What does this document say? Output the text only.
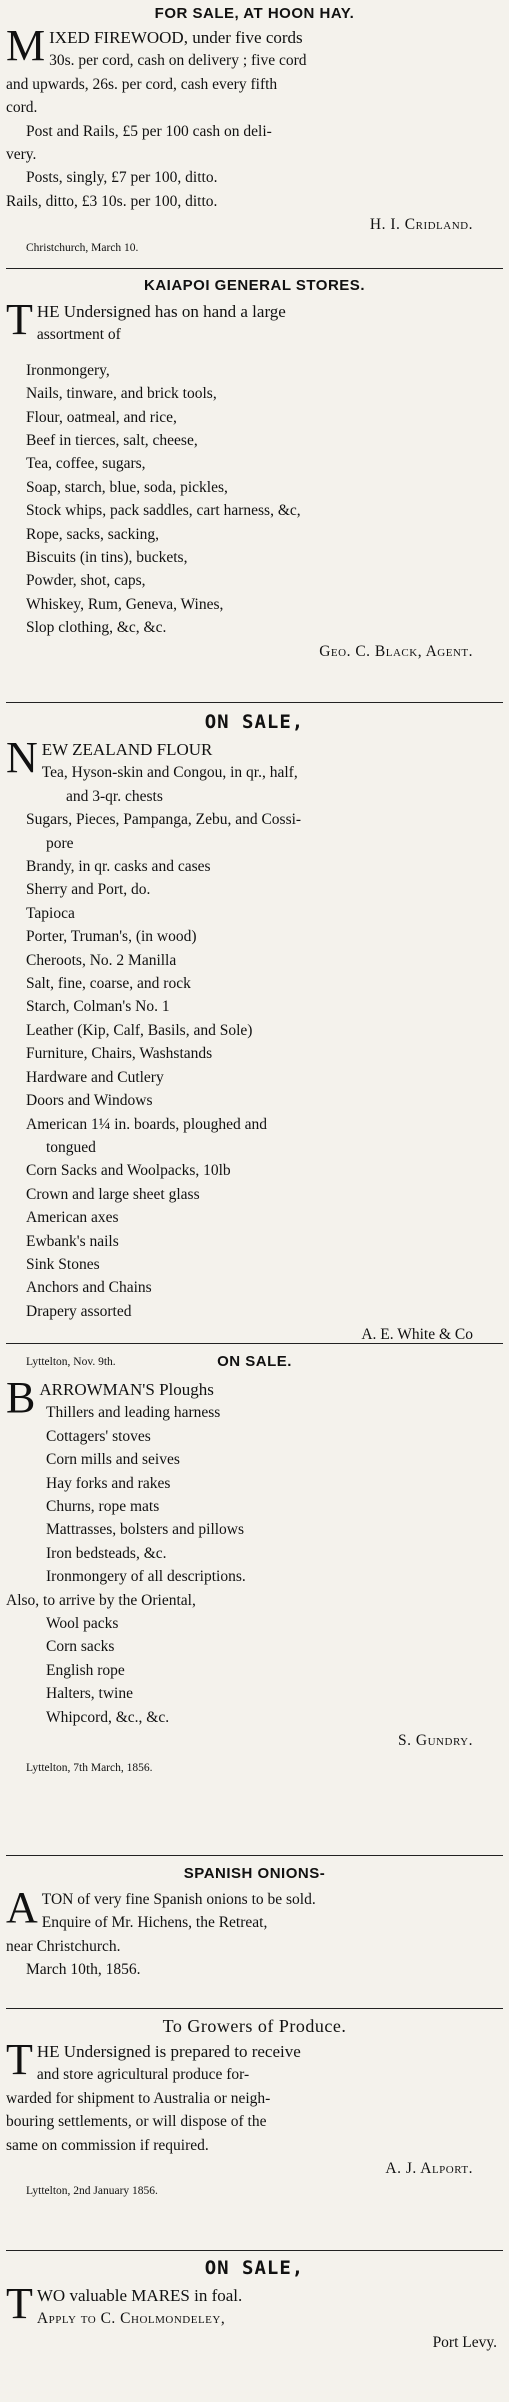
FOR SALE, AT HOON HAY.
M IXED FIREWOOD, under five cords

30s. per cord, cash on delivery ; five cord

and upwards, 26s. per cord, cash every fifth

cord.

Post and Rails, £5 per 100 cash on deli-

very.

Posts, singly, £7 per 100, ditto.

Rails, ditto, £3 10s. per 100, ditto.

H. I. Cridland.

Christchurch, March 10.

KAIAPOI GENERAL STORES.
T HE Undersigned has on hand a large

assortment of

Ironmongery,

Nails, tinware, and brick tools,

Flour, oatmeal, and rice,

Beef in tierces, salt, cheese,

Tea, coffee, sugars,

Soap, starch, blue, soda, pickles,

Stock whips, pack saddles, cart harness, &c,

Rope, sacks, sacking,

Biscuits (in tins), buckets,

Powder, shot, caps,

Whiskey, Rum, Geneva, Wines,

Slop clothing, &c, &c.

Geo. C. Black, Agent.

ON SALE,
N EW ZEALAND FLOUR

Tea, Hyson-skin and Congou, in qr., half,

and 3-qr. chests

Sugars, Pieces, Pampanga, Zebu, and Cossi-

pore

Brandy, in qr. casks and cases

Sherry and Port, do.

Tapioca

Porter, Truman's, (in wood)

Cheroots, No. 2 Manilla

Salt, fine, coarse, and rock

Starch, Colman's No. 1

Leather (Kip, Calf, Basils, and Sole)

Furniture, Chairs, Washstands

Hardware and Cutlery

Doors and Windows

American 1¼ in. boards, ploughed and

tongued

Corn Sacks and Woolpacks, 10lb

Crown and large sheet glass

American axes

Ewbank's nails

Sink Stones

Anchors and Chains

Drapery assorted

A. E. White & Co

Lyttelton, Nov. 9th.	ON SALE.
B ARROWMAN'S Ploughs

Thillers and leading harness

Cottagers' stoves

Corn mills and seives

Hay forks and rakes

Churns, rope mats

Mattrasses, bolsters and pillows

Iron bedsteads, &c.

Ironmongery of all descriptions.

Also, to arrive by the Oriental,

Wool packs

Corn sacks

English rope

Halters, twine

Whipcord, &c., &c.

S. Gundry.

Lyttelton, 7th March, 1856.

SPANISH ONIONS-
A TON of very fine Spanish onions to be sold.

Enquire of Mr. Hichens, the Retreat,

near Christchurch.

March 10th, 1856.

To Growers of Produce.
T HE Undersigned is prepared to receive

and store agricultural produce for-

warded for shipment to Australia or neigh-

bouring settlements, or will dispose of the

same on commission if required.

A. J. Alport.

Lyttelton, 2nd January 1856.

ON SALE,
T WO valuable MARES in foal.

Apply to C. Cholmondeley,

Port Levy.
